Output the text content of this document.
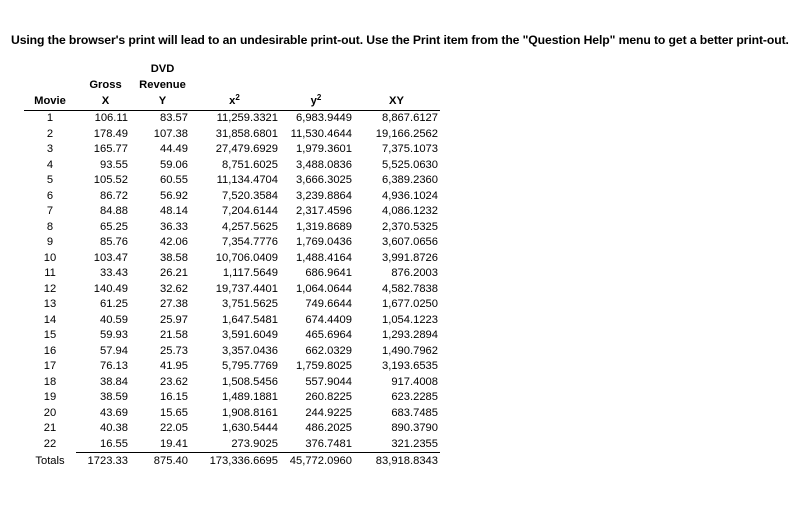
Using the browser's print will lead to an undesirable print-out. Use the Print item from the "Question Help" menu to get a better print-out.
		DVD			
	Gross	Revenue			
Movie	X	Y	$x^2$	$y^2$	XY
1	106.11	83.57	11,259.3321	6,983.9449	8,867.6127
2	178.49	107.38	31,858.6801	11,530.4644	19,166.2562
3	165.77	44.49	27,479.6929	1,979.3601	7,375.1073
4	93.55	59.06	8,751.6025	3,488.0836	5,525.0630
5	105.52	60.55	11,134.4704	3,666.3025	6,389.2360
6	86.72	56.92	7,520.3584	3,239.8864	4,936.1024
7	84.88	48.14	7,204.6144	2,317.4596	4,086.1232
8	65.25	36.33	4,257.5625	1,319.8689	2,370.5325
9	85.76	42.06	7,354.7776	1,769.0436	3,607.0656
10	103.47	38.58	10,706.0409	1,488.4164	3,991.8726
11	33.43	26.21	1,117.5649	686.9641	876.2003
12	140.49	32.62	19,737.4401	1,064.0644	4,582.7838
13	61.25	27.38	3,751.5625	749.6644	1,677.0250
14	40.59	25.97	1,647.5481	674.4409	1,054.1223
15	59.93	21.58	3,591.6049	465.6964	1,293.2894
16	57.94	25.73	3,357.0436	662.0329	1,490.7962
17	76.13	41.95	5,795.7769	1,759.8025	3,193.6535
18	38.84	23.62	1,508.5456	557.9044	917.4008
19	38.59	16.15	1,489.1881	260.8225	623.2285
20	43.69	15.65	1,908.8161	244.9225	683.7485
21	40.38	22.05	1,630.5444	486.2025	890.3790
22	16.55	19.41	273.9025	376.7481	321.2355
Totals	1723.33	875.40	173,336.6695	45,772.0960	83,918.8343
